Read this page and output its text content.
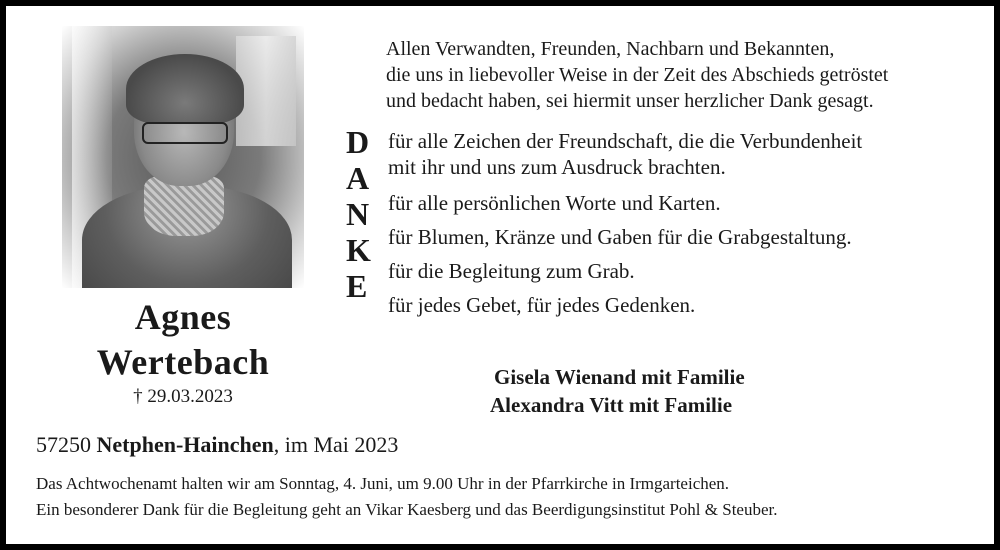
Agnes
Wertebach
† 29.03.2023
Allen Verwandten, Freunden, Nachbarn und Bekannten,
die uns in liebevoller Weise in der Zeit des Abschieds getröstet
und bedacht haben, sei hiermit unser herzlicher Dank gesagt.
D
A
N
K
E
für alle Zeichen der Freundschaft, die die Verbundenheit
mit ihr und uns zum Ausdruck brachten.
für alle persönlichen Worte und Karten.
für Blumen, Kränze und Gaben für die Grabgestaltung.
für die Begleitung zum Grab.
für jedes Gebet, für jedes Gedenken.
Gisela Wienand mit Familie
Alexandra Vitt mit Familie
57250 Netphen-Hainchen, im Mai 2023
Das Achtwochenamt halten wir am Sonntag, 4. Juni, um 9.00 Uhr in der Pfarrkirche in Irmgarteichen.
Ein besonderer Dank für die Begleitung geht an Vikar Kaesberg und das Beerdigungsinstitut Pohl & Steuber.
